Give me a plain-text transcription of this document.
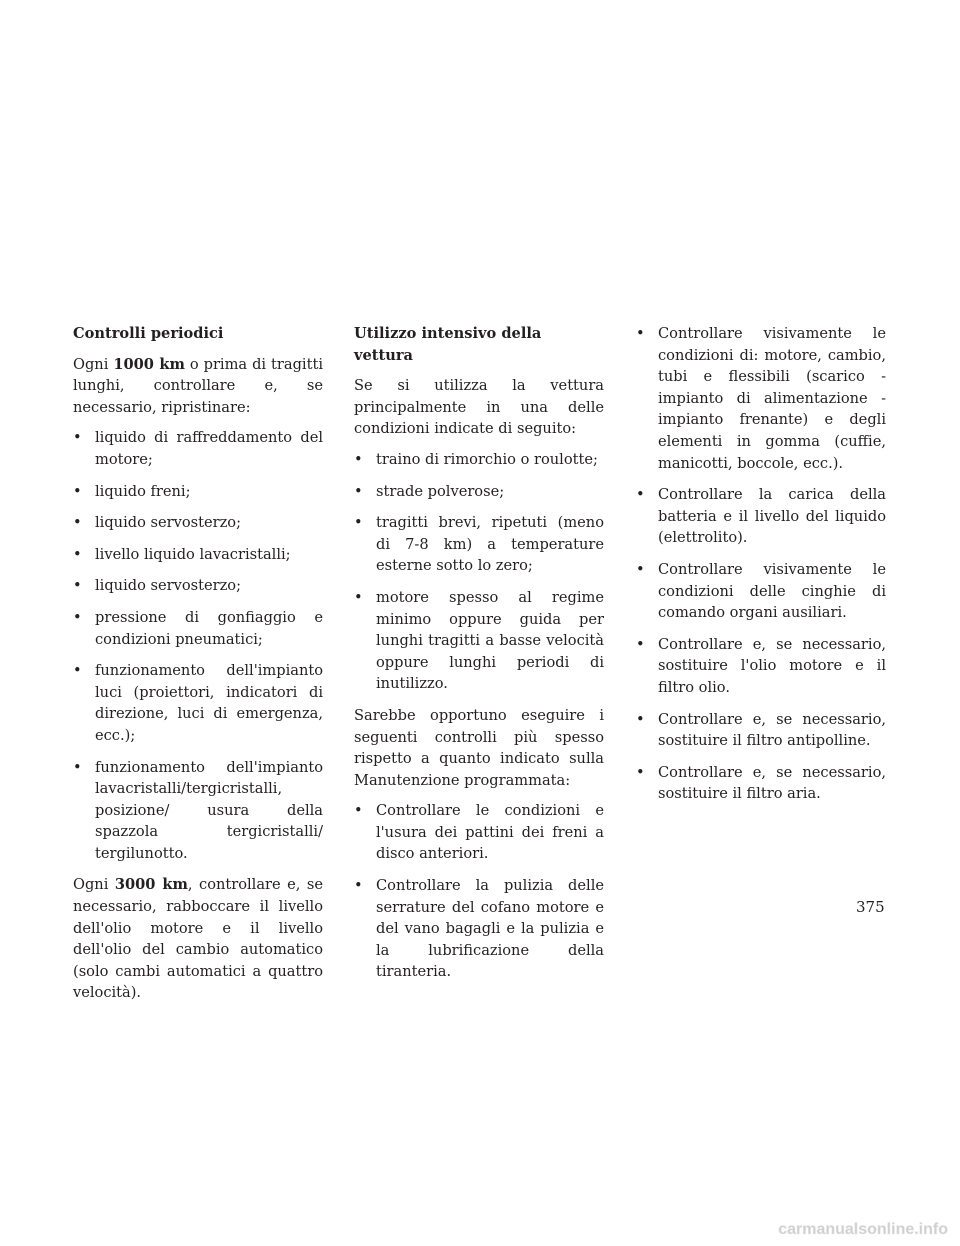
Controlli periodici
Ogni 1000 km o prima di tragitti lunghi, controllare e, se necessario, ripristinare:
• liquido di raffreddamento del motore;
• liquido freni;
• liquido servosterzo;
• livello liquido lavacristalli;
• liquido servosterzo;
• pressione di gonfiaggio e condizioni pneumatici;
• funzionamento dell'impianto luci (proiettori, indicatori di direzione, luci di emergenza, ecc.);
• funzionamento dell'impianto lavacristalli/tergicristalli, posizione/ usura della spazzola tergicristalli/ tergilunotto.
Ogni 3000 km, controllare e, se necessario, rabboccare il livello dell'olio motore e il livello dell'olio del cambio automatico (solo cambi automatici a quattro velocità).
Utilizzo intensivo della vettura
Se si utilizza la vettura principalmente in una delle condizioni indicate di seguito:
• traino di rimorchio o roulotte;
• strade polverose;
• tragitti brevi, ripetuti (meno di 7-8 km) a temperature esterne sotto lo zero;
• motore spesso al regime minimo oppure guida per lunghi tragitti a basse velocità oppure lunghi periodi di inutilizzo.
Sarebbe opportuno eseguire i seguenti controlli più spesso rispetto a quanto indicato sulla Manutenzione programmata:
• Controllare le condizioni e l'usura dei pattini dei freni a disco anteriori.
• Controllare la pulizia delle serrature del cofano motore e del vano bagagli e la pulizia e la lubrificazione della tiranteria.
• Controllare visivamente le condizioni di: motore, cambio, tubi e flessibili (scarico - impianto di alimentazione - impianto frenante) e degli elementi in gomma (cuffie, manicotti, boccole, ecc.).
• Controllare la carica della batteria e il livello del liquido (elettrolito).
• Controllare visivamente le condizioni delle cinghie di comando organi ausiliari.
• Controllare e, se necessario, sostituire l'olio motore e il filtro olio.
• Controllare e, se necessario, sostituire il filtro antipolline.
• Controllare e, se necessario, sostituire il filtro aria.
375
carmanualsonline.info
